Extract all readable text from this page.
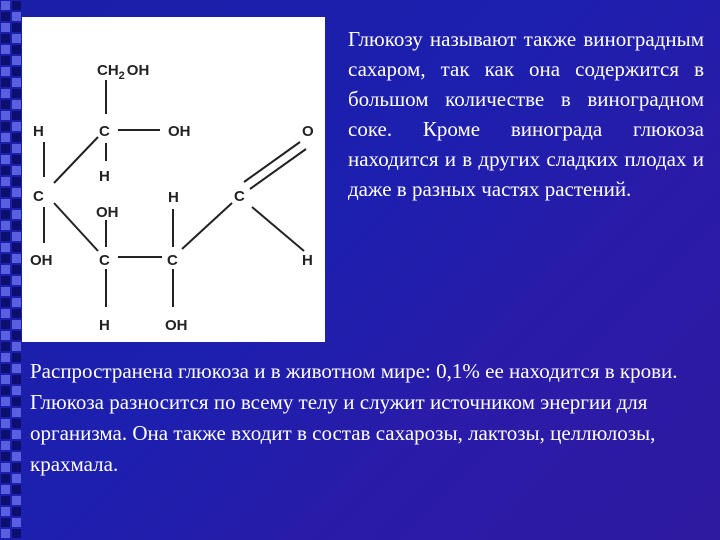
$CH_2$ OH
H	C	OH	O
H
H
C	C
OH
OH	C	C	H
H	OH

Глюкозу называют также виноградным сахаром, так как она содержится в большом количестве в виноградном соке. Кроме винограда глюкоза находится и в других сладких плодах и даже в разных частях растений.

Распространена глюкоза и в животном мире: 0,1% ее находится в крови. Глюкоза разносится по всему телу и служит источником энергии для организма. Она также входит в состав сахарозы, лактозы, целлюлозы, крахмала.
